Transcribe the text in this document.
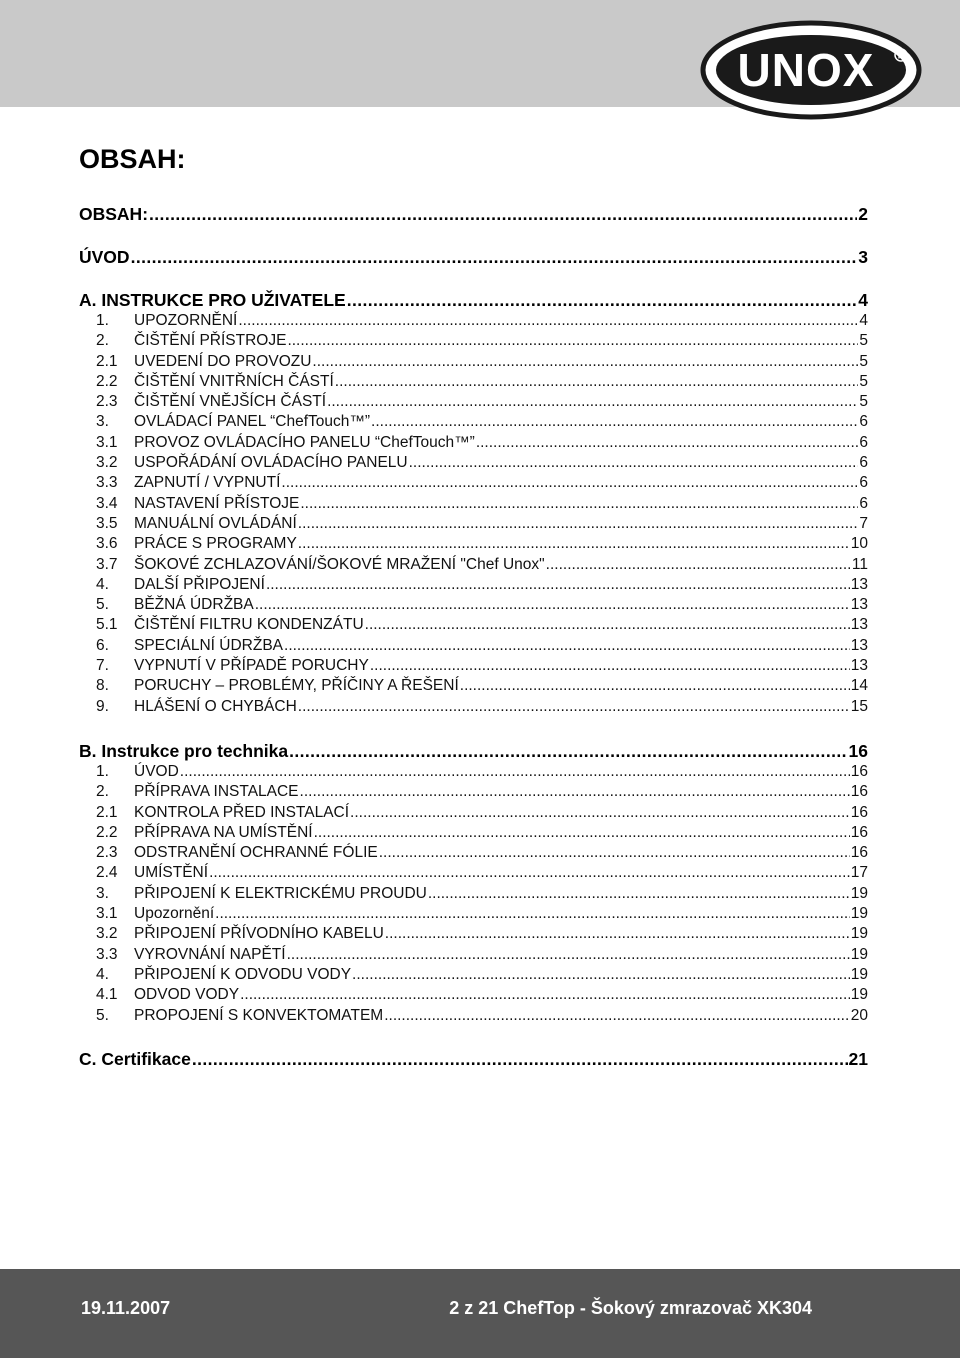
UNOX	R
OBSAH:
OBSAH: .....	2
ÚVOD .....	3
A. INSTRUKCE PRO UŽIVATELE .....	4
1.	UPOZORNĚNÍ .....	4
2.	ČIŠTĚNÍ PŘÍSTROJE .....	5
2.1	UVEDENÍ DO PROVOZU .....	5
2.2	ČIŠTĚNÍ VNITŘNÍCH ČÁSTÍ .....	5
2.3	ČIŠTĚNÍ VNĚJŠÍCH ČÁSTÍ .....	5
3.	OVLÁDACÍ PANEL “ChefTouch™” .....	6
3.1	PROVOZ OVLÁDACÍHO PANELU “ChefTouch™” .....	6
3.2	USPOŘÁDÁNÍ OVLÁDACÍHO PANELU .....	6
3.3	ZAPNUTÍ / VYPNUTÍ .....	6
3.4	NASTAVENÍ PŘÍSTOJE .....	6
3.5	MANUÁLNÍ OVLÁDÁNÍ .....	7
3.6	PRÁCE S PROGRAMY .....	10
3.7	ŠOKOVÉ ZCHLAZOVÁNÍ/ŠOKOVÉ MRAŽENÍ "Chef Unox" .....	11
4.	DALŠÍ PŘIPOJENÍ .....	13
5.	BĚŽNÁ ÚDRŽBA .....	13
5.1	ČIŠTĚNÍ FILTRU KONDENZÁTU .....	13
6.	SPECIÁLNÍ ÚDRŽBA .....	13
7.	VYPNUTÍ V PŘÍPADĚ PORUCHY .....	13
8.	PORUCHY – PROBLÉMY, PŘÍČINY A ŘEŠENÍ .....	14
9.	HLÁŠENÍ O CHYBÁCH .....	15
B. Instrukce pro technika .....	16
1.	ÚVOD .....	16
2.	PŘÍPRAVA INSTALACE .....	16
2.1	KONTROLA PŘED INSTALACÍ .....	16
2.2	PŘÍPRAVA NA UMÍSTĚNÍ .....	16
2.3	ODSTRANĚNÍ OCHRANNÉ FÓLIE .....	16
2.4	UMÍSTĚNÍ .....	17
3.	PŘIPOJENÍ K ELEKTRICKÉMU PROUDU .....	19
3.1	Upozornění .....	19
3.2	PŘIPOJENÍ PŘÍVODNÍHO KABELU .....	19
3.3	VYROVNÁNÍ NAPĚTÍ .....	19
4.	PŘIPOJENÍ K ODVODU VODY .....	19
4.1	ODVOD VODY .....	19
5.	PROPOJENÍ S KONVEKTOMATEM .....	20
C. Certifikace .....	21
19.11.2007	2 z 21 ChefTop - Šokový zmrazovač XK304
